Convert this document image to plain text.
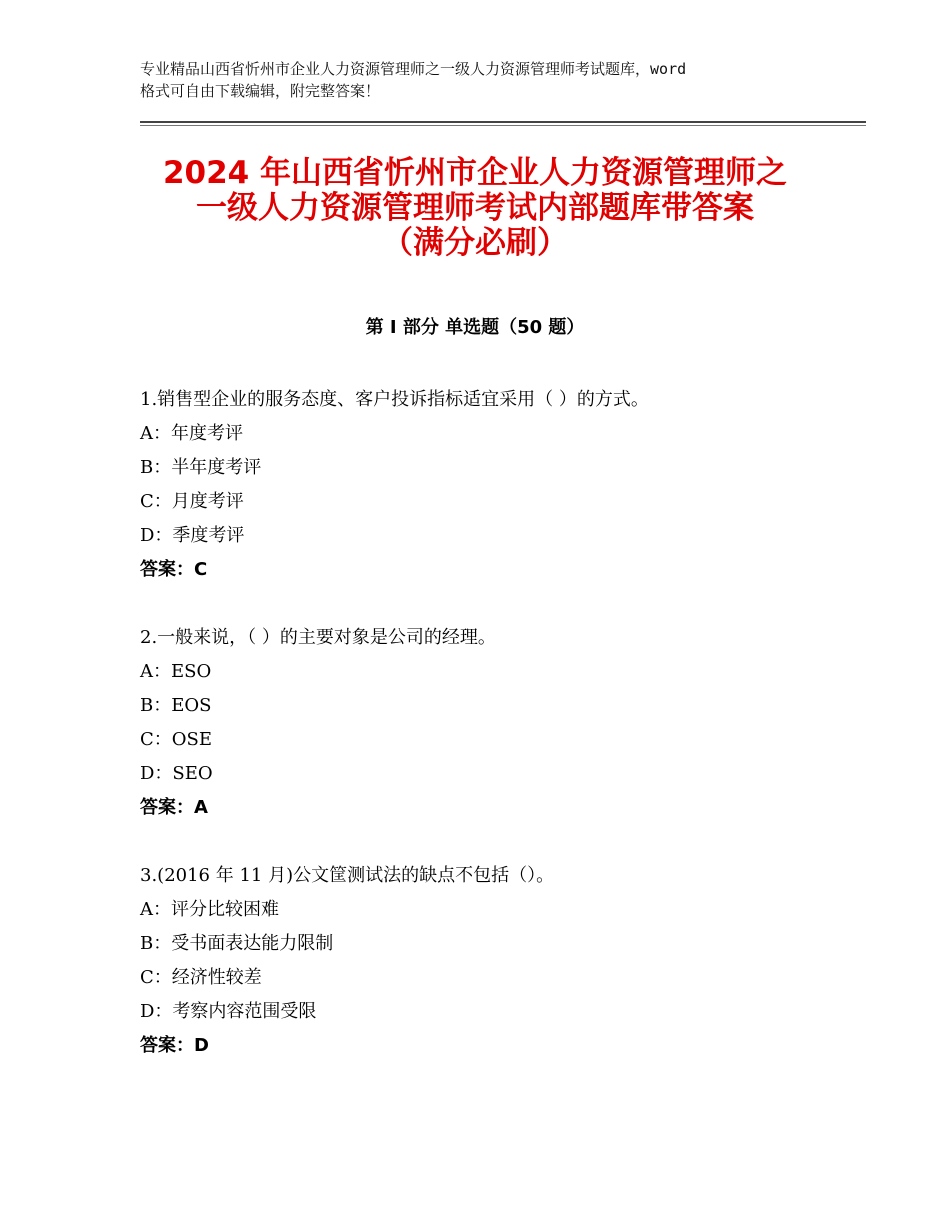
专业精品山西省忻州市企业人力资源管理师之一级人力资源管理师考试题库，word
格式可自由下载编辑，附完整答案！
2024 年山西省忻州市企业人力资源管理师之
一级人力资源管理师考试内部题库带答案
（满分必刷）
第 I 部分 单选题（50 题）
1.销售型企业的服务态度、客户投诉指标适宜采用（ ）的方式。
A：年度考评
B：半年度考评
C：月度考评
D：季度考评
答案：C
2.一般来说，（ ）的主要对象是公司的经理。
A：ESO
B：EOS
C：OSE
D：SEO
答案：A
3.(2016 年 11 月)公文筐测试法的缺点不包括（）。
A：评分比较困难
B：受书面表达能力限制
C：经济性较差
D：考察内容范围受限
答案：D
